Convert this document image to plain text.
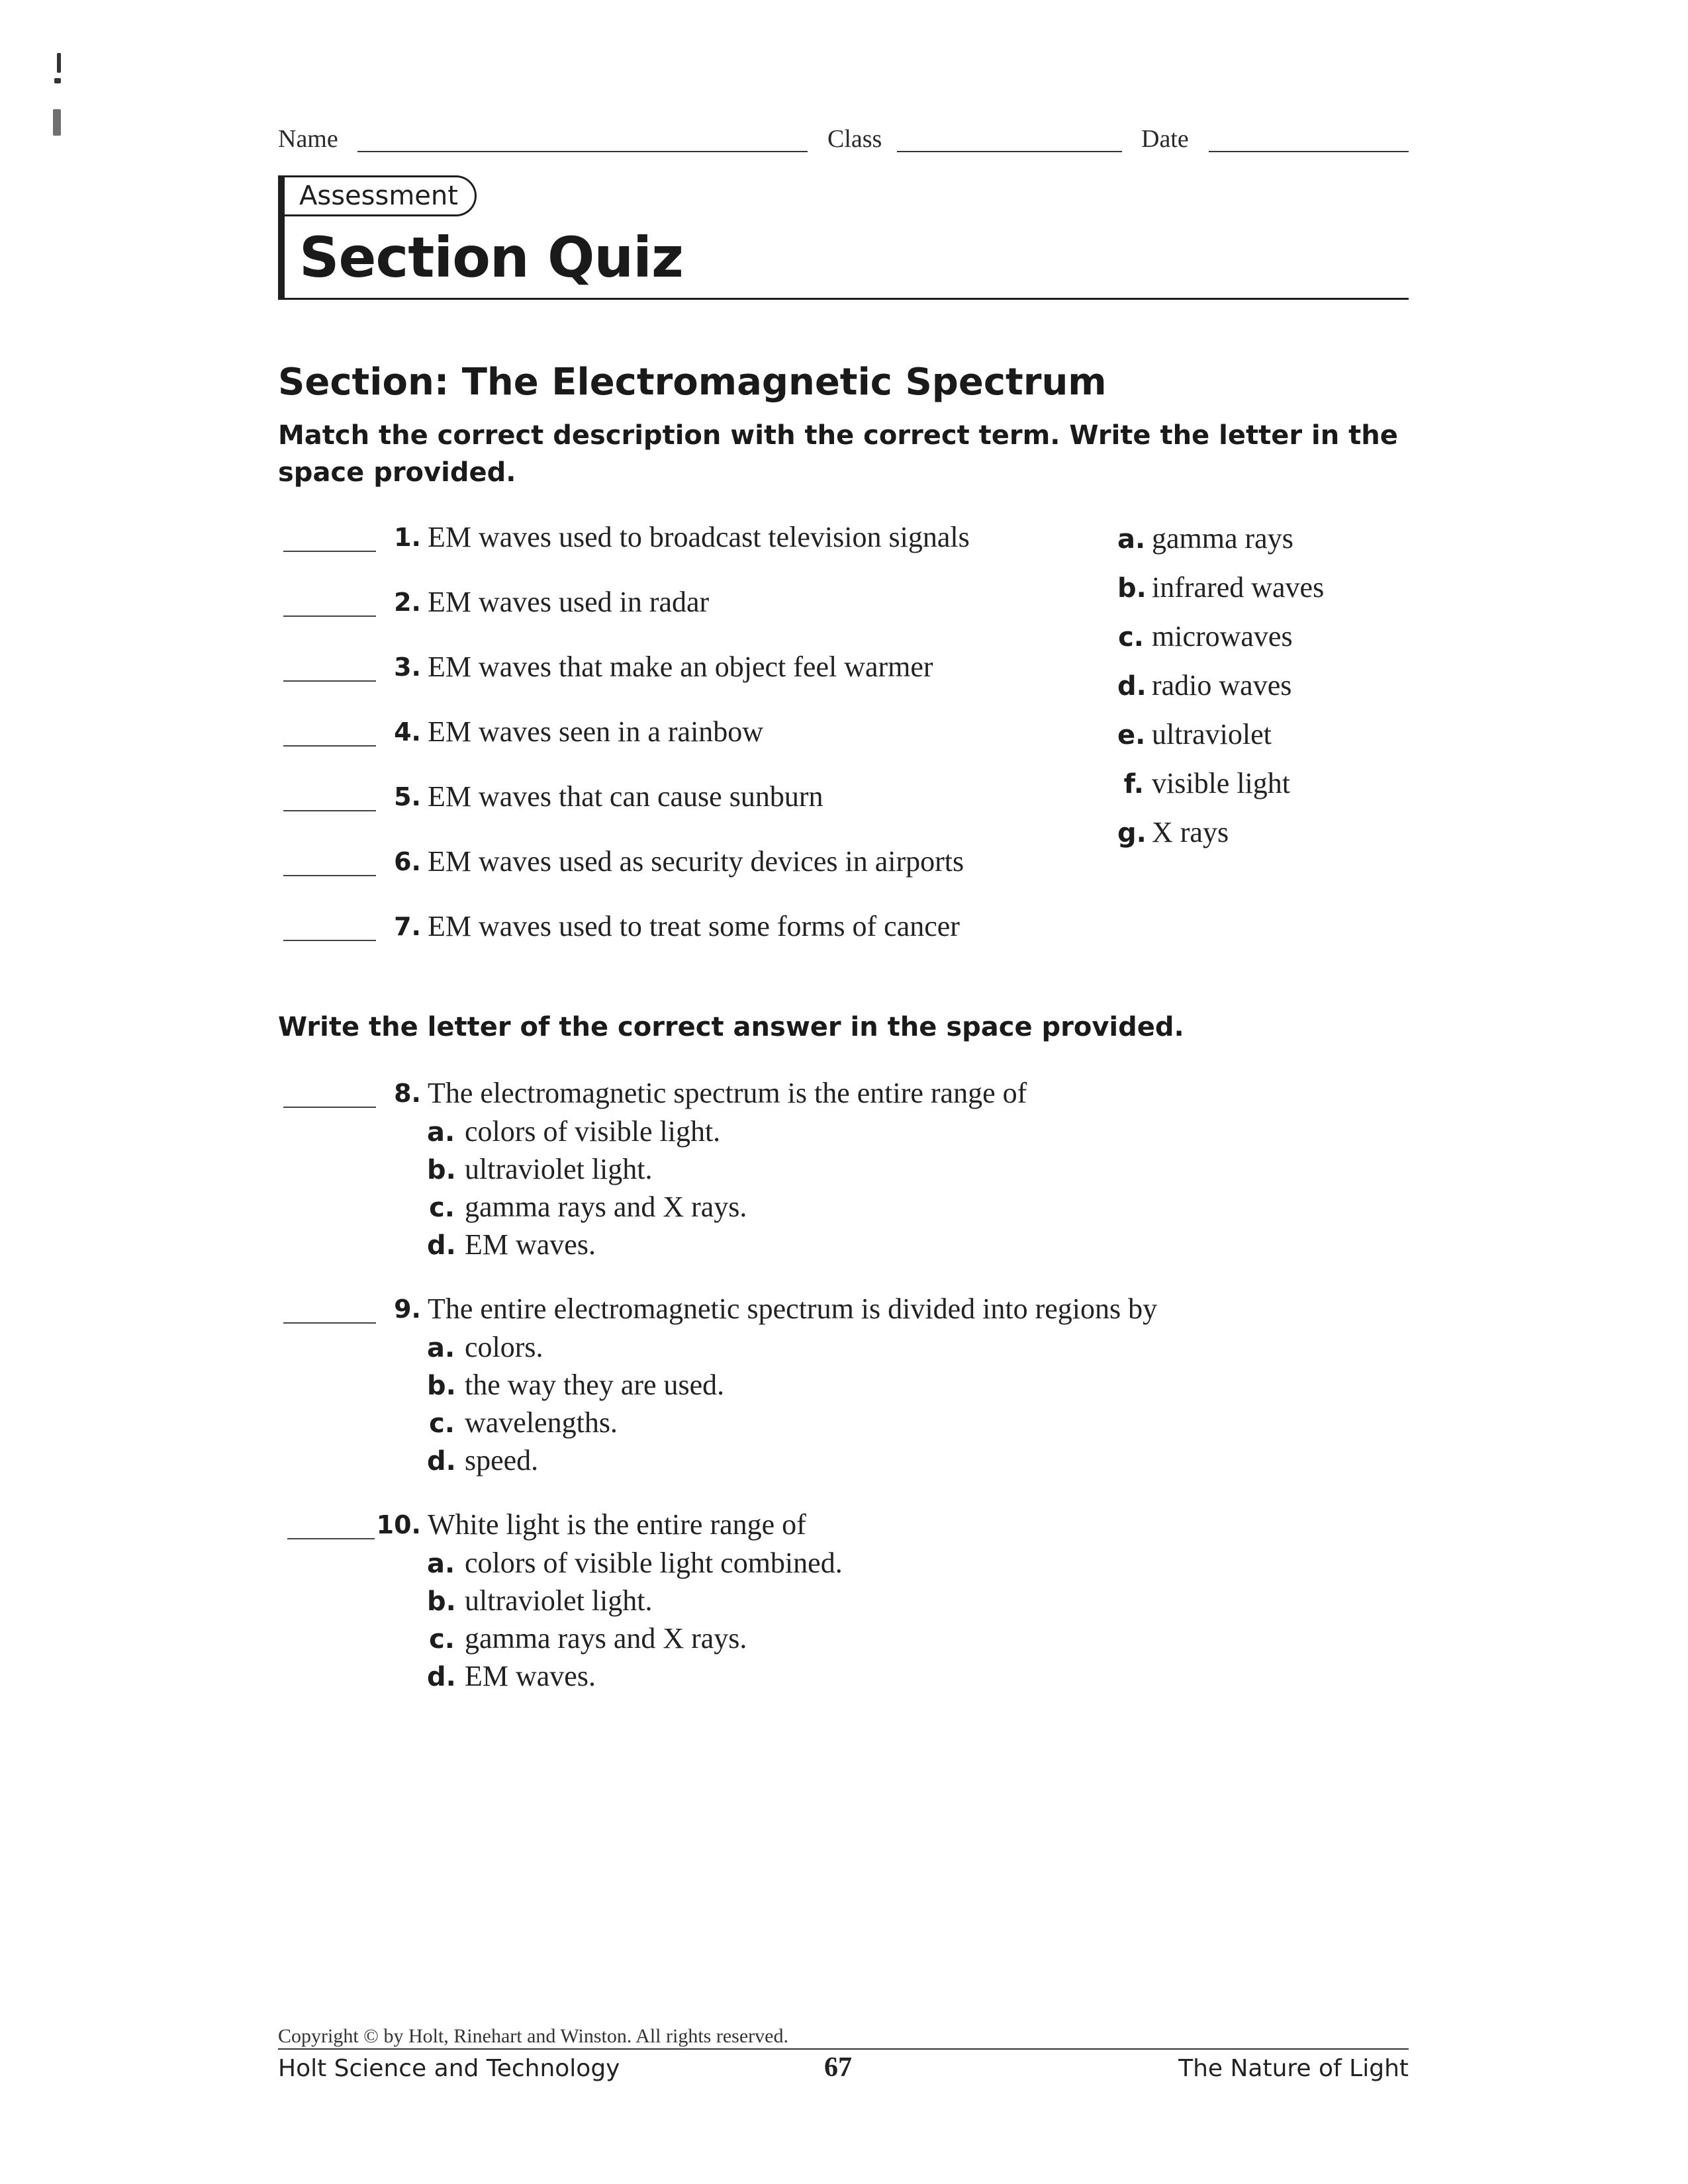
Name	Class	Date
Assessment
Section Quiz
Section: The Electromagnetic Spectrum
Match the correct description with the correct term. Write the letter in the space provided.
1. EM waves used to broadcast television signals
2. EM waves used in radar
3. EM waves that make an object feel warmer
4. EM waves seen in a rainbow
5. EM waves that can cause sunburn
6. EM waves used as security devices in airports
7. EM waves used to treat some forms of cancer
a. gamma rays
b. infrared waves
c. microwaves
d. radio waves
e. ultraviolet
f. visible light
g. X rays
Write the letter of the correct answer in the space provided.
8. The electromagnetic spectrum is the entire range of
a. colors of visible light.
b. ultraviolet light.
c. gamma rays and X rays.
d. EM waves.
9. The entire electromagnetic spectrum is divided into regions by
a. colors.
b. the way they are used.
c. wavelengths.
d. speed.
10. White light is the entire range of
a. colors of visible light combined.
b. ultraviolet light.
c. gamma rays and X rays.
d. EM waves.
Copyright © by Holt, Rinehart and Winston. All rights reserved.
Holt Science and Technology	67	The Nature of Light
